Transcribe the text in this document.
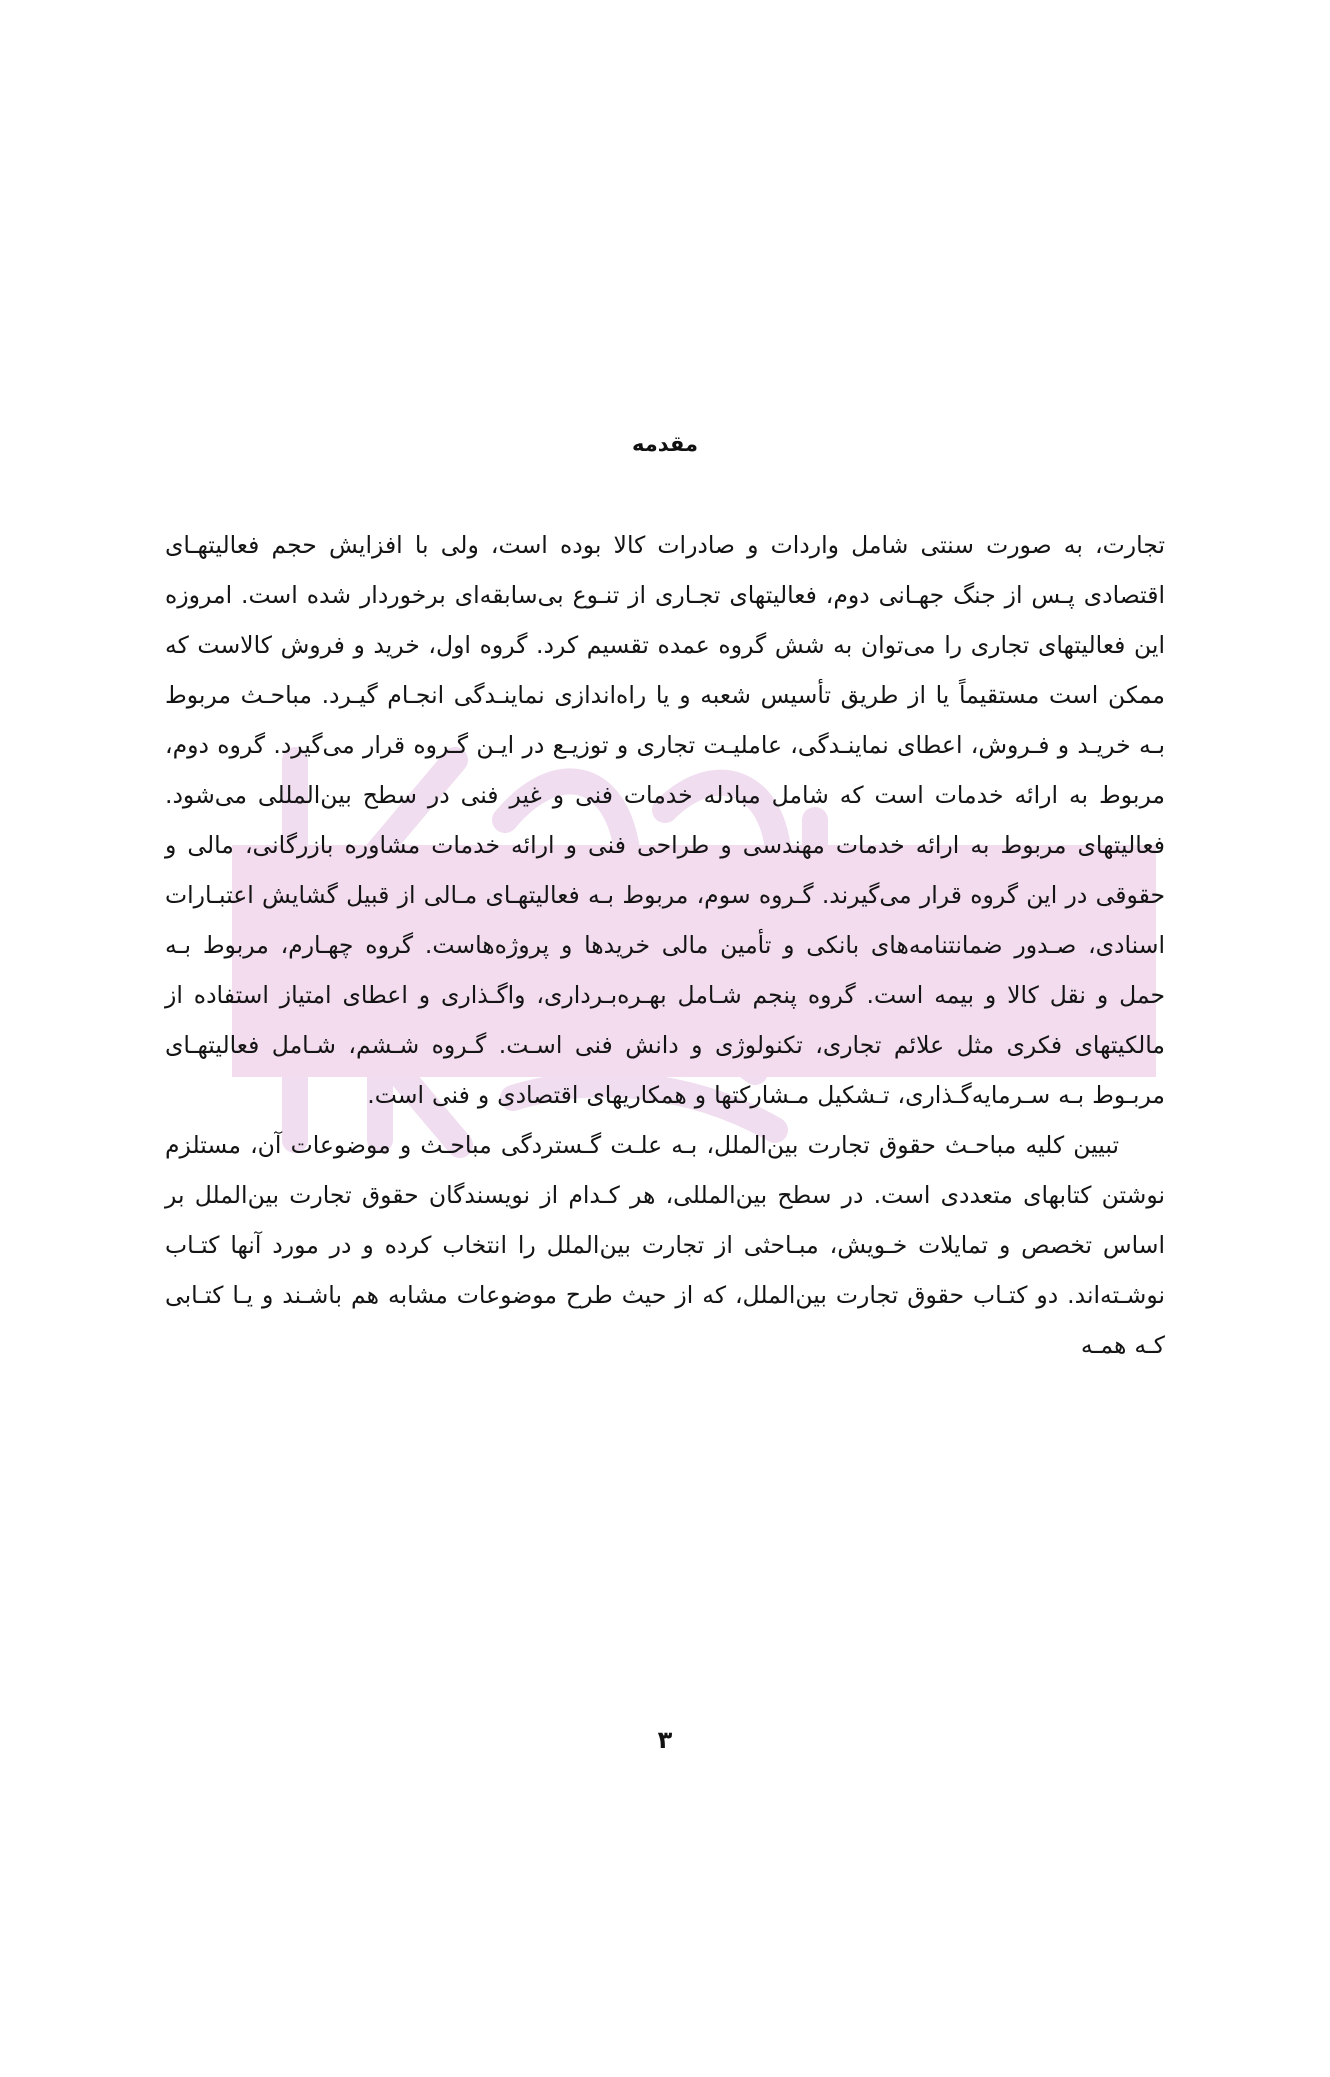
مقدمه

تجارت، به صورت سنتی شامل واردات و صادرات کالا بوده است، ولی با افزایش حجم فعالیتهـای اقتصادی پـس از جنگ جهـانی دوم، فعالیتهای تجـاری از تنـوع بی‌سابقه‌ای برخوردار شده است. امروزه این فعالیتهای تجاری را می‌توان به شش گروه عمده تقسیم کرد. گروه اول، خرید و فروش کالاست که ممکن است مستقیماً یا از طریق تأسیس شعبه و یا راه‌اندازی نماینـدگی انجـام گیـرد. مباحـث مربوط بـه خریـد و فـروش، اعطای نماینـدگی، عاملیـت تجاری و توزیـع در ایـن گـروه قرار می‌گیرد. گروه دوم، مربوط به ارائه خدمات است که شامل مبادله خدمات فنی و غیر فنی در سطح بین‌المللی می‌شود. فعالیتهای مربوط به ارائه خدمات مهندسی و طراحی فنی و ارائه خدمات مشاوره بازرگانی، مالی و حقوقی در این گروه قرار می‌گیرند. گـروه سوم، مربوط بـه فعالیتهـای مـالی از قبیل گشایش اعتبـارات اسنادی، صـدور ضمانتنامه‌های بانکی و تأمین مالی خریدها و پروژه‌هاست. گروه چهـارم، مربوط بـه حمل و نقل کالا و بیمه است. گروه پنجم شـامل بهـره‌بـرداری، واگـذاری و اعطای امتیاز استفاده از مالکیتهای فکری مثل علائم تجاری، تکنولوژی و دانش فنی اسـت. گـروه شـشم، شـامل فعالیتهـای مربـوط بـه سـرمایه‌گـذاری، تـشکیل مـشارکتها و همکاریهای اقتصادی و فنی است.

تبیین کلیه مباحـث حقوق تجارت بین‌الملل، بـه علـت گـستردگی مباحـث و موضوعات آن، مستلزم نوشتن کتابهای متعددی است. در سطح بین‌المللی، هر کـدام از نویسندگان حقوق تجارت بین‌الملل بر اساس تخصص و تمایلات خـویش، مبـاحثی از تجارت بین‌الملل را انتخاب کرده و در مورد آنها کتـاب نوشـته‌اند. دو کتـاب حقوق تجارت بین‌الملل، که از حیث طرح موضوعات مشابه هم باشـند و یـا کتـابی کـه همـه

۳
